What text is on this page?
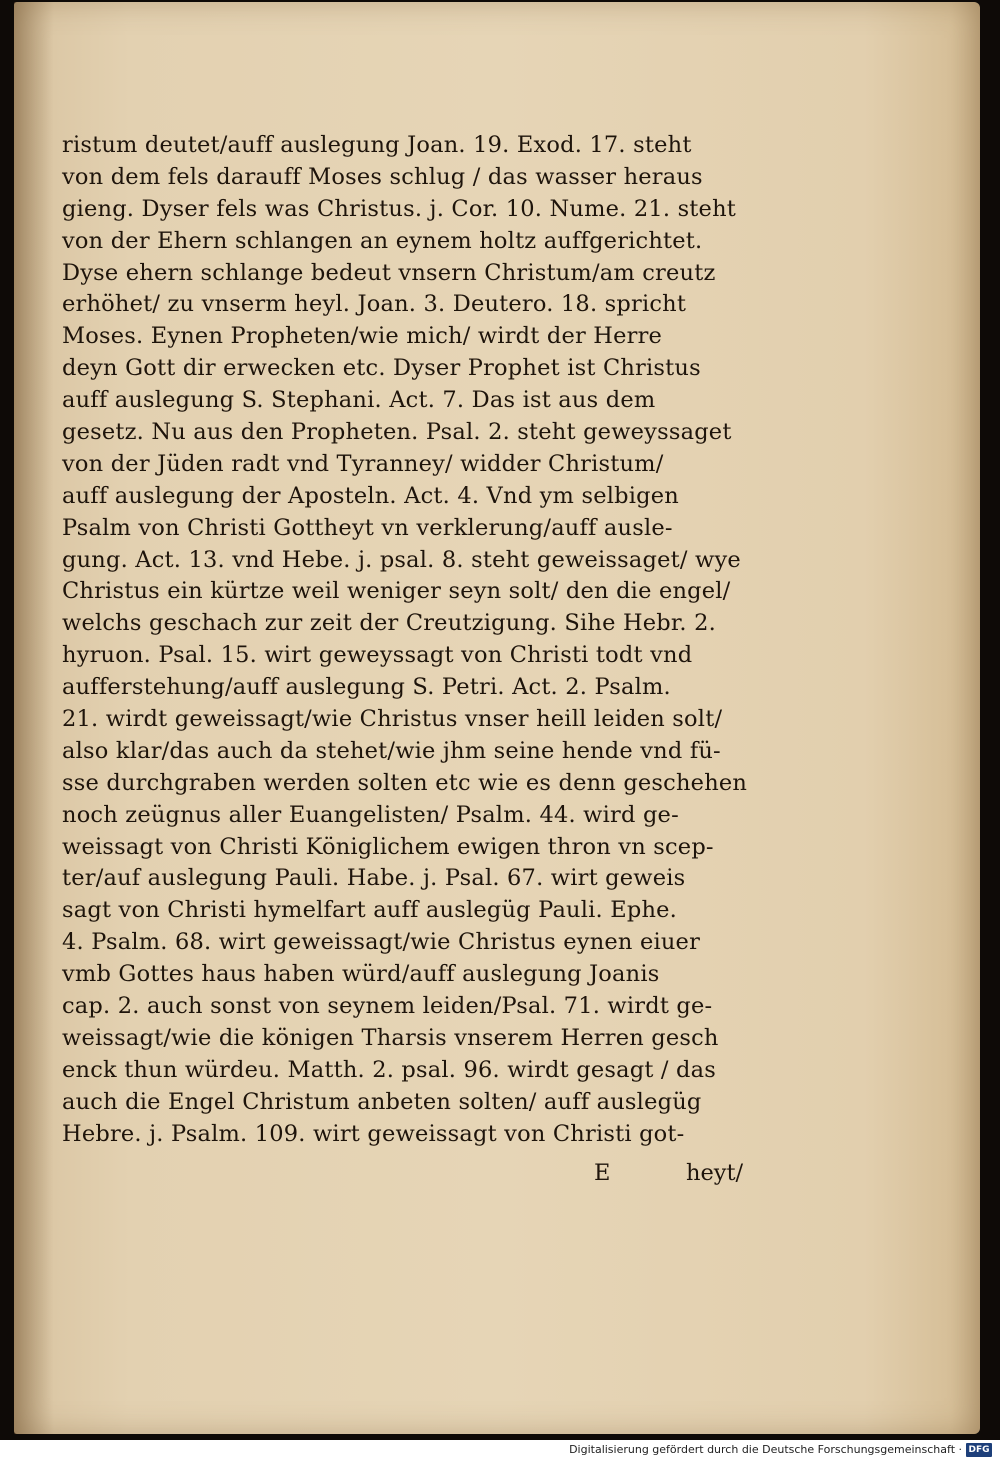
ristum deutet/auff auslegung Joan. 19. Exod. 17. steht
von dem fels darauff Moses schlug / das wasser heraus
gieng. Dyser fels was Christus. j. Cor. 10. Nume. 21. steht
von der Ehern schlangen an eynem holtz auffgerichtet.
Dyse ehern schlange bedeut vnsern Christum/am creutz
erhöhet/ zu vnserm heyl. Joan. 3. Deutero. 18. spricht
Moses. Eynen Propheten/wie mich/ wirdt der Herre
deyn Gott dir erwecken etc. Dyser Prophet ist Christus
auff auslegung S. Stephani. Act. 7. Das ist aus dem
gesetz. Nu aus den Propheten. Psal. 2. steht geweyssaget
von der Jüden radt vnd Tyranney/ widder Christum/
auff auslegung der Aposteln. Act. 4. Vnd ym selbigen
Psalm von Christi Gottheyt vn verklerung/auff ausle-
gung. Act. 13. vnd Hebe. j. psal. 8. steht geweissaget/ wye
Christus ein kürtze weil weniger seyn solt/ den die engel/
welchs geschach zur zeit der Creutzigung. Sihe Hebr. 2.
hyruon. Psal. 15. wirt geweyssagt von Christi todt vnd
aufferstehung/auff auslegung S. Petri. Act. 2. Psalm.
21. wirdt geweissagt/wie Christus vnser heill leiden solt/
also klar/das auch da stehet/wie jhm seine hende vnd fü-
sse durchgraben werden solten etc wie es denn geschehen
noch zeügnus aller Euangelisten/ Psalm. 44. wird ge-
weissagt von Christi Königlichem ewigen thron vn scep-
ter/auf auslegung Pauli. Habe. j. Psal. 67. wirt geweis
sagt von Christi hymelfart auff auslegüg Pauli. Ephe.
4. Psalm. 68. wirt geweissagt/wie Christus eynen eiuer
vmb Gottes haus haben würd/auff auslegung Joanis
cap. 2. auch sonst von seynem leiden/Psal. 71. wirdt ge-
weissagt/wie die königen Tharsis vnserem Herren gesch
enck thun würdeu. Matth. 2. psal. 96. wirdt gesagt / das
auch die Engel Christum anbeten solten/ auff auslegüg
Hebre. j. Psalm. 109. wirt geweissagt von Christi got-
E	heyt/
Digitalisierung gefördert durch die Deutsche Forschungsgemeinschaft · DFG
